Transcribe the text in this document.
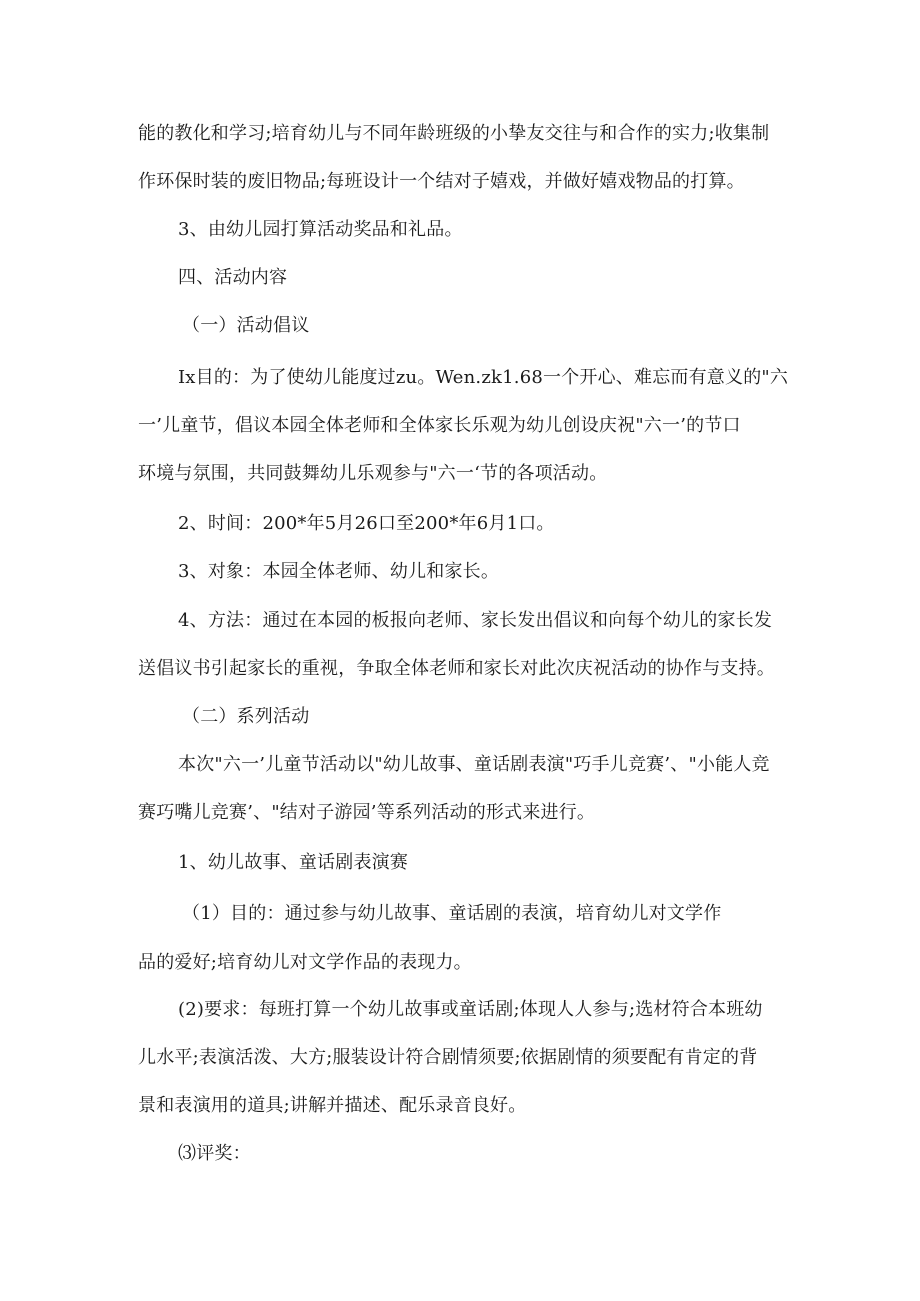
能的教化和学习;培育幼儿与不同年龄班级的小挚友交往与和合作的实力;收集制
作环保时装的废旧物品;每班设计一个结对子嬉戏，并做好嬉戏物品的打算。
3、由幼儿园打算活动奖品和礼品。
四、活动内容
（一）活动倡议
Ix目的：为了使幼儿能度过zu。Wen.zk1.68一个开心、难忘而有意义的"六
一’儿童节，倡议本园全体老师和全体家长乐观为幼儿创设庆祝"六一’的节口
环境与氛围，共同鼓舞幼儿乐观参与"六一‘节的各项活动。
2、时间：200*年5月26口至200*年6月1口。
3、对象：本园全体老师、幼儿和家长。
4、方法：通过在本园的板报向老师、家长发出倡议和向每个幼儿的家长发
送倡议书引起家长的重视，争取全体老师和家长对此次庆祝活动的协作与支持。
（二）系列活动
本次"六一’儿童节活动以"幼儿故事、童话剧表演"巧手儿竞赛’、"小能人竞
赛巧嘴儿竞赛’、"结对子游园’等系列活动的形式来进行。
1、幼儿故事、童话剧表演赛
（1）目的：通过参与幼儿故事、童话剧的表演，培育幼儿对文学作
品的爱好;培育幼儿对文学作品的表现力。
(2)要求：每班打算一个幼儿故事或童话剧;体现人人参与;选材符合本班幼
儿水平;表演活泼、大方;服装设计符合剧情须要;依据剧情的须要配有肯定的背
景和表演用的道具;讲解并描述、配乐录音良好。
⑶评奖：
